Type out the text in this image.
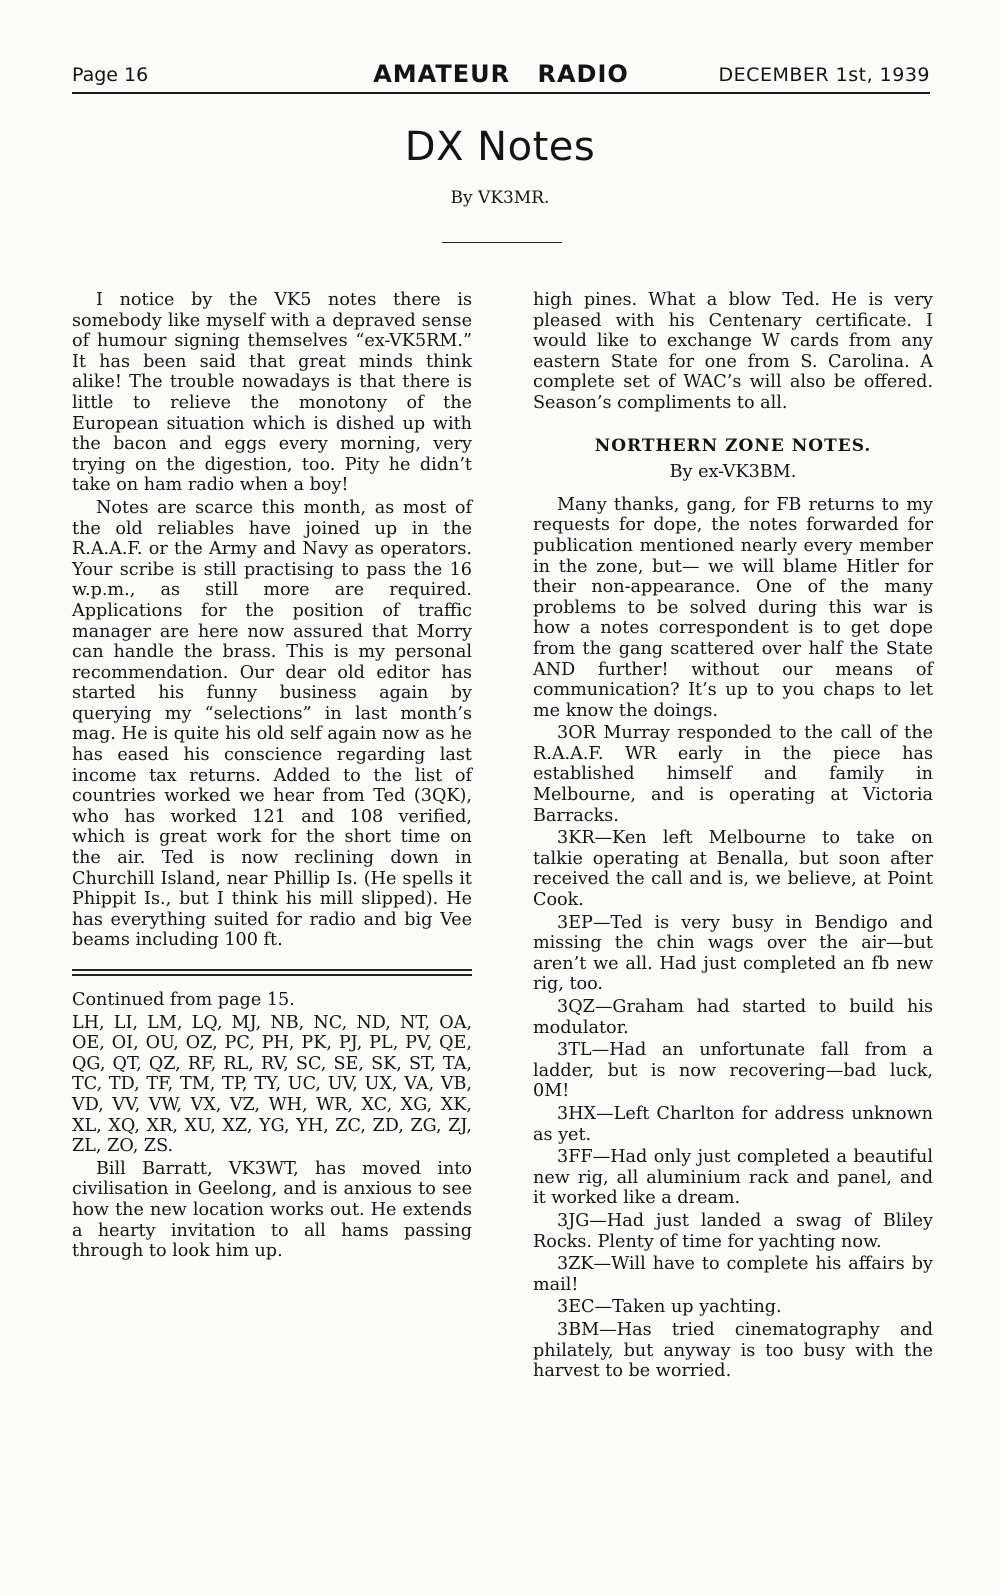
Page 16	AMATEUR RADIO	DECEMBER 1st, 1939
DX Notes
By VK3MR.

I notice by the VK5 notes there is somebody like myself with a depraved sense of humour signing themselves “ex-VK5RM.” It has been said that great minds think alike! The trouble nowadays is that there is little to relieve the monotony of the European situation which is dished up with the bacon and eggs every morning, very trying on the digestion, too. Pity he didn’t take on ham radio when a boy!

Notes are scarce this month, as most of the old reliables have joined up in the R.A.A.F. or the Army and Navy as operators. Your scribe is still practising to pass the 16 w.p.m., as still more are required. Applications for the position of traffic manager are here now assured that Morry can handle the brass. This is my personal recommendation. Our dear old editor has started his funny business again by querying my “selections” in last month’s mag. He is quite his old self again now as he has eased his conscience regarding last income tax returns. Added to the list of countries worked we hear from Ted (3QK), who has worked 121 and 108 verified, which is great work for the short time on the air. Ted is now reclining down in Churchill Island, near Phillip Is. (He spells it Phippit Is., but I think his mill slipped). He has everything suited for radio and big Vee beams including 100 ft.

Continued from page 15.

LH, LI, LM, LQ, MJ, NB, NC, ND, NT, OA, OE, OI, OU, OZ, PC, PH, PK, PJ, PL, PV, QE, QG, QT, QZ, RF, RL, RV, SC, SE, SK, ST, TA, TC, TD, TF, TM, TP, TY, UC, UV, UX, VA, VB, VD, VV, VW, VX, VZ, WH, WR, XC, XG, XK, XL, XQ, XR, XU, XZ, YG, YH, ZC, ZD, ZG, ZJ, ZL, ZO, ZS.

Bill Barratt, VK3WT, has moved into civilisation in Geelong, and is anxious to see how the new location works out. He extends a hearty invitation to all hams passing through to look him up.

high pines. What a blow Ted. He is very pleased with his Centenary certificate. I would like to exchange W cards from any eastern State for one from S. Carolina. A complete set of WAC’s will also be offered. Season’s compliments to all.

NORTHERN ZONE NOTES.
By ex-VK3BM.

Many thanks, gang, for FB returns to my requests for dope, the notes forwarded for publication mentioned nearly every member in the zone, but— we will blame Hitler for their non-appearance. One of the many problems to be solved during this war is how a notes correspondent is to get dope from the gang scattered over half the State AND further! without our means of communication? It’s up to you chaps to let me know the doings.

3OR Murray responded to the call of the R.A.A.F. WR early in the piece has established himself and family in Melbourne, and is operating at Victoria Barracks.

3KR—Ken left Melbourne to take on talkie operating at Benalla, but soon after received the call and is, we believe, at Point Cook.

3EP—Ted is very busy in Bendigo and missing the chin wags over the air—but aren’t we all. Had just completed an fb new rig, too.

3QZ—Graham had started to build his modulator.

3TL—Had an unfortunate fall from a ladder, but is now recovering—bad luck, 0M!

3HX—Left Charlton for address unknown as yet.

3FF—Had only just completed a beautiful new rig, all aluminium rack and panel, and it worked like a dream.

3JG—Had just landed a swag of Bliley Rocks. Plenty of time for yachting now.

3ZK—Will have to complete his affairs by mail!

3EC—Taken up yachting.

3BM—Has tried cinematography and philately, but anyway is too busy with the harvest to be worried.
